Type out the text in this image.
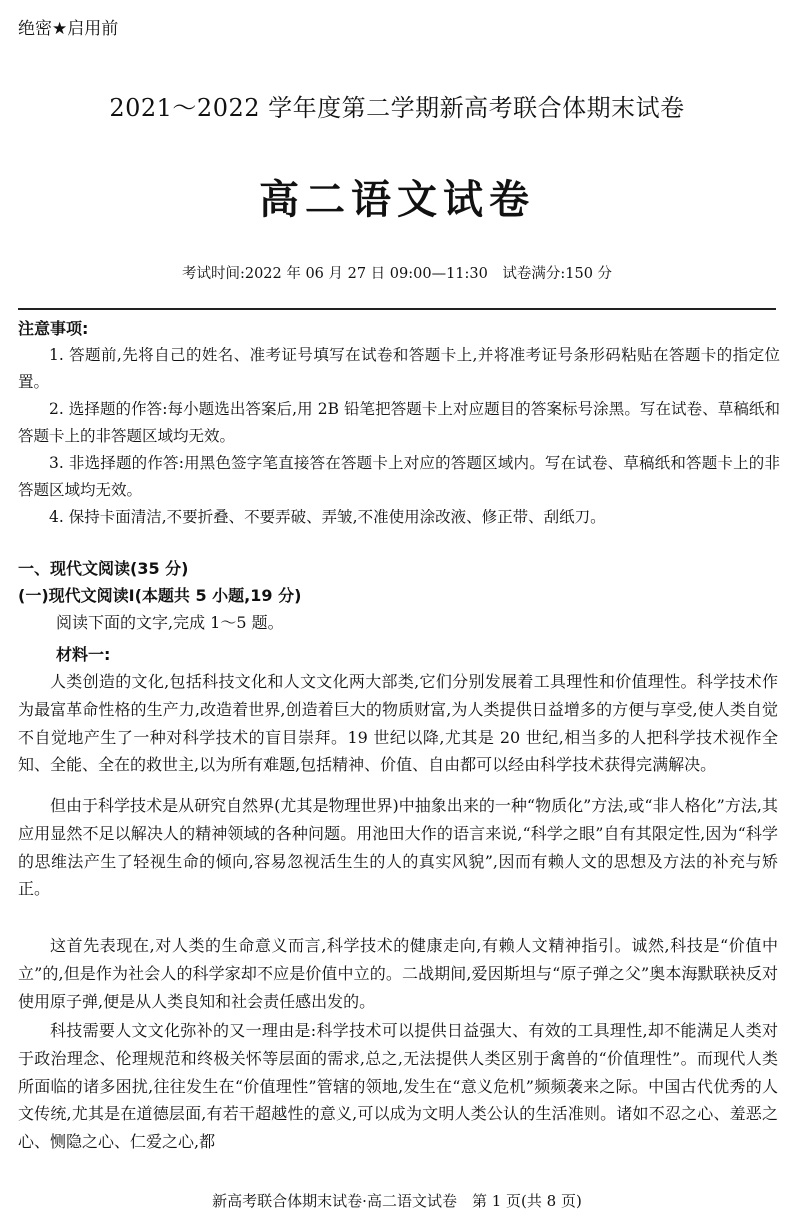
绝密★启用前
2021～2022 学年度第二学期新高考联合体期末试卷
高二语文试卷
考试时间:2022 年 06 月 27 日 09:00—11:30　试卷满分:150 分
注意事项:
1. 答题前,先将自己的姓名、准考证号填写在试卷和答题卡上,并将准考证号条形码粘贴在答题卡的指定位置。
2. 选择题的作答:每小题选出答案后,用 2B 铅笔把答题卡上对应题目的答案标号涂黑。写在试卷、草稿纸和答题卡上的非答题区域均无效。
3. 非选择题的作答:用黑色签字笔直接答在答题卡上对应的答题区域内。写在试卷、草稿纸和答题卡上的非答题区域均无效。
4. 保持卡面清洁,不要折叠、不要弄破、弄皱,不准使用涂改液、修正带、刮纸刀。
一、现代文阅读(35 分)
(一)现代文阅读Ⅰ(本题共 5 小题,19 分)
阅读下面的文字,完成 1～5 题。
材料一:
人类创造的文化,包括科技文化和人文文化两大部类,它们分别发展着工具理性和价值理性。科学技术作为最富革命性格的生产力,改造着世界,创造着巨大的物质财富,为人类提供日益增多的方便与享受,使人类自觉不自觉地产生了一种对科学技术的盲目崇拜。19 世纪以降,尤其是 20 世纪,相当多的人把科学技术视作全知、全能、全在的救世主,以为所有难题,包括精神、价值、自由都可以经由科学技术获得完满解决。
但由于科学技术是从研究自然界(尤其是物理世界)中抽象出来的一种“物质化”方法,或“非人格化”方法,其应用显然不足以解决人的精神领域的各种问题。用池田大作的语言来说,“科学之眼”自有其限定性,因为“科学的思维法产生了轻视生命的倾向,容易忽视活生生的人的真实风貌”,因而有赖人文的思想及方法的补充与矫正。
这首先表现在,对人类的生命意义而言,科学技术的健康走向,有赖人文精神指引。诚然,科技是“价值中立”的,但是作为社会人的科学家却不应是价值中立的。二战期间,爱因斯坦与“原子弹之父”奥本海默联袂反对使用原子弹,便是从人类良知和社会责任感出发的。
科技需要人文文化弥补的又一理由是:科学技术可以提供日益强大、有效的工具理性,却不能满足人类对于政治理念、伦理规范和终极关怀等层面的需求,总之,无法提供人类区别于禽兽的“价值理性”。而现代人类所面临的诸多困扰,往往发生在“价值理性”管辖的领地,发生在“意义危机”频频袭来之际。中国古代优秀的人文传统,尤其是在道德层面,有若干超越性的意义,可以成为文明人类公认的生活准则。诸如不忍之心、羞恶之心、恻隐之心、仁爱之心,都
新高考联合体期末试卷·高二语文试卷　第 1 页(共 8 页)
